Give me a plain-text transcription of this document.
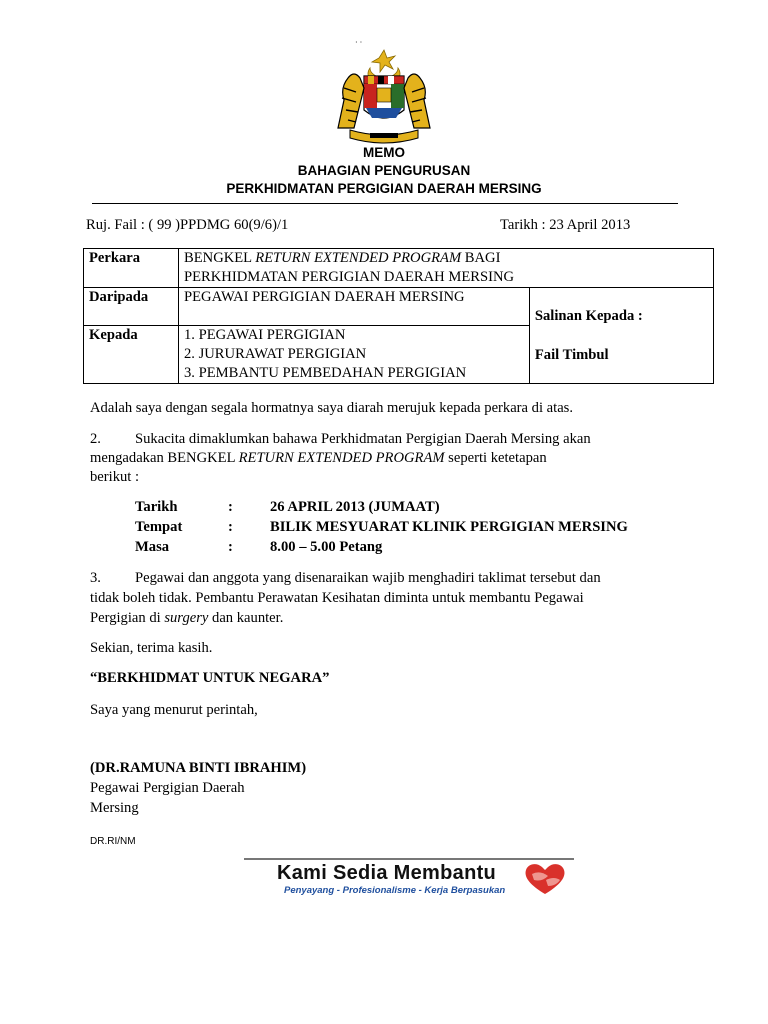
· ·
MEMO
BAHAGIAN PENGURUSAN
PERKHIDMATAN PERGIGIAN DAERAH MERSING
Ruj. Fail : ( 99 )PPDMG 60(9/6)/1	Tarikh : 23 April 2013
Perkara	BENGKEL RETURN EXTENDED PROGRAM BAGI
PERKHIDMATAN PERGIGIAN DAERAH MERSING	
Daripada	PEGAWAI PERGIGIAN DAERAH MERSING	Salinan Kepada :
Fail Timbul

Kepada	1. PEGAWAI PERGIGIAN
2. JURURAWAT PERGIGIAN
3. PEMBANTU PEMBEDAHAN PERGIGIAN	
Adalah saya dengan segala hormatnya saya diarah merujuk kepada perkara di atas.
2. Sukacita dimaklumkan bahawa Perkhidmatan Pergigian Daerah Mersing akan
mengadakan BENGKEL RETURN EXTENDED PROGRAM seperti ketetapan
berikut :
Tarikh	:	26 APRIL 2013 (JUMAAT)
Tempat	:	BILIK MESYUARAT KLINIK PERGIGIAN MERSING
Masa	:	8.00 – 5.00 Petang
3. Pegawai dan anggota yang disenaraikan wajib menghadiri taklimat tersebut dan
tidak boleh tidak. Pembantu Perawatan Kesihatan diminta untuk membantu Pegawai
Pergigian di surgery dan kaunter.
Sekian, terima kasih.
“BERKHIDMAT UNTUK NEGARA”
Saya yang menurut perintah,
(DR.RAMUNA BINTI IBRAHIM)
Pegawai Pergigian Daerah
Mersing
DR.RI/NM
Kami Sedia Membantu
Penyayang - Profesionalisme - Kerja Berpasukan
